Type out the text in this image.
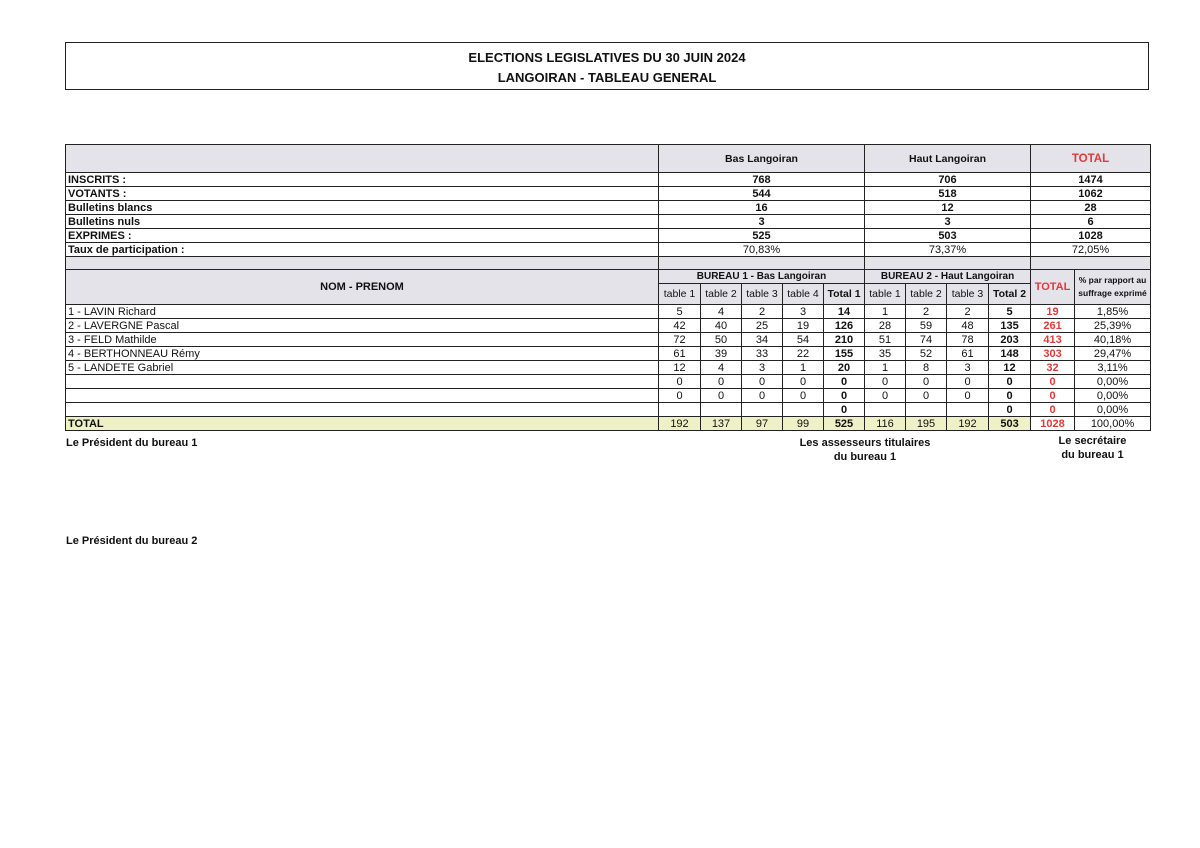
ELECTIONS LEGISLATIVES DU 30 JUIN 2024
LANGOIRAN - TABLEAU GENERAL
	Bas Langoiran	Haut Langoiran	TOTAL
INSCRITS :	768	706	1474
VOTANTS :	544	518	1062
Bulletins blancs	16	12	28
Bulletins nuls	3	3	6
EXPRIMES :	525	503	1028
Taux de participation :	70,83%	73,37%	72,05%

NOM - PRENOM	BUREAU 1 - Bas Langoiran					BUREAU 2 - Haut Langoiran				TOTAL	% par rapport au suffrage exprimé
	table 1	table 2	table 3	table 4	Total 1	table 1	table 2	table 3	Total 2		
1 - LAVIN Richard	5	4	2	3	14	1	2	2	5	19	1,85%
2 - LAVERGNE Pascal	42	40	25	19	126	28	59	48	135	261	25,39%
3 - FELD Mathilde	72	50	34	54	210	51	74	78	203	413	40,18%
4 - BERTHONNEAU Rémy	61	39	33	22	155	35	52	61	148	303	29,47%
5 - LANDETE Gabriel	12	4	3	1	20	1	8	3	12	32	3,11%
	0	0	0	0	0	0	0	0	0	0	0,00%
	0	0	0	0	0	0	0	0	0	0	0,00%
					0				0	0	0,00%
TOTAL	192	137	97	99	525	116	195	192	503	1028	100,00%
Le Président du bureau 1	Les assesseurs titulaires
du bureau 1
Le secrétaire
du bureau 1
Le Président du bureau 2
